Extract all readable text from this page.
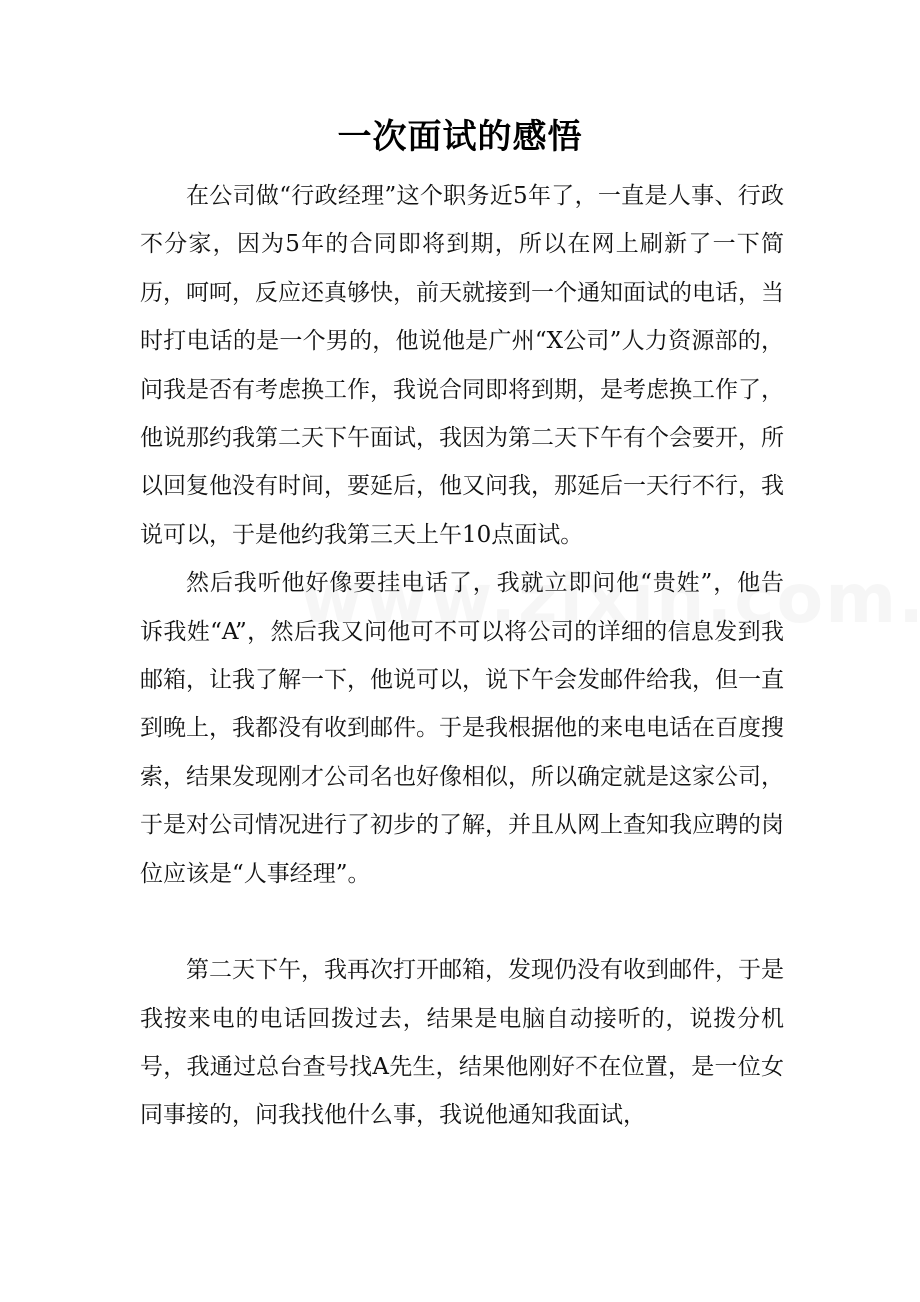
一次面试的感悟

在公司做“行政经理”这个职务近5年了，一直是人事、行政不分家，因为5年的合同即将到期，所以在网上刷新了一下简历，呵呵，反应还真够快，前天就接到一个通知面试的电话，当时打电话的是一个男的，他说他是广州“X公司”人力资源部的，问我是否有考虑换工作，我说合同即将到期，是考虑换工作了，他说那约我第二天下午面试，我因为第二天下午有个会要开，所以回复他没有时间，要延后，他又问我，那延后一天行不行，我说可以，于是他约我第三天上午10点面试。

然后我听他好像要挂电话了，我就立即问他“贵姓”，他告诉我姓“A”，然后我又问他可不可以将公司的详细的信息发到我邮箱，让我了解一下，他说可以，说下午会发邮件给我，但一直到晚上，我都没有收到邮件。于是我根据他的来电电话在百度搜索，结果发现刚才公司名也好像相似，所以确定就是这家公司，于是对公司情况进行了初步的了解，并且从网上查知我应聘的岗位应该是“人事经理”。

第二天下午，我再次打开邮箱，发现仍没有收到邮件，于是我按来电的电话回拨过去，结果是电脑自动接听的，说拨分机号，我通过总台查号找A先生，结果他刚好不在位置，是一位女同事接的，问我找他什么事，我说他通知我面试，
